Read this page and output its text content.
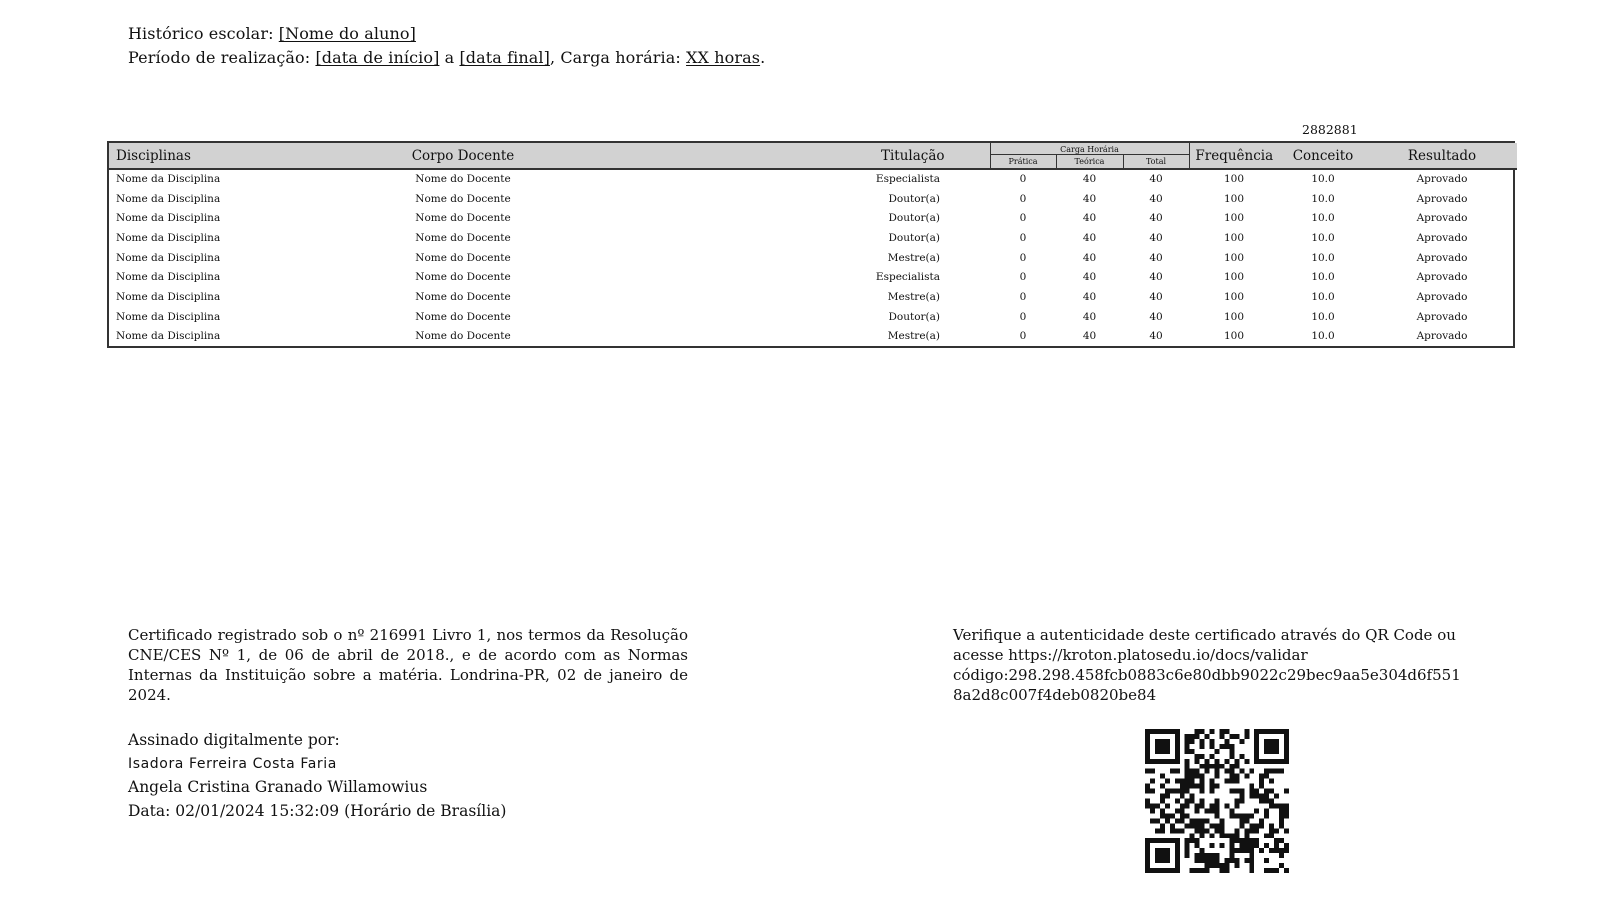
Histórico escolar: [Nome do aluno]
Período de realização: [data de início] a [data final], Carga horária: XX horas.
2882881
Disciplinas	Corpo Docente	Titulação	Carga Horária			Frequência	Conceito	Resultado
			Prática	Teórica	Total			
Nome da Disciplina	Nome do Docente	Especialista	0	40	40	100	10.0	Aprovado
Nome da Disciplina	Nome do Docente	Doutor(a)	0	40	40	100	10.0	Aprovado
Nome da Disciplina	Nome do Docente	Doutor(a)	0	40	40	100	10.0	Aprovado
Nome da Disciplina	Nome do Docente	Doutor(a)	0	40	40	100	10.0	Aprovado
Nome da Disciplina	Nome do Docente	Mestre(a)	0	40	40	100	10.0	Aprovado
Nome da Disciplina	Nome do Docente	Especialista	0	40	40	100	10.0	Aprovado
Nome da Disciplina	Nome do Docente	Mestre(a)	0	40	40	100	10.0	Aprovado
Nome da Disciplina	Nome do Docente	Doutor(a)	0	40	40	100	10.0	Aprovado
Nome da Disciplina	Nome do Docente	Mestre(a)	0	40	40	100	10.0	Aprovado
Certificado registrado sob o nº 216991 Livro 1, nos termos da Resolução CNE/CES Nº 1, de 06 de abril de 2018., e de acordo com as Normas Internas da Instituição sobre a matéria. Londrina-PR, 02 de janeiro de 2024.
Assinado digitalmente por:
Isadora Ferreira Costa Faria
Angela Cristina Granado Willamowius
Data: 02/01/2024 15:32:09 (Horário de Brasília)
Verifique a autenticidade deste certificado através do QR Code ou
acesse https://kroton.platosedu.io/docs/validar
código:298.298.458fcb0883c6e80dbb9022c29bec9aa5e304d6f551
8a2d8c007f4deb0820be84
